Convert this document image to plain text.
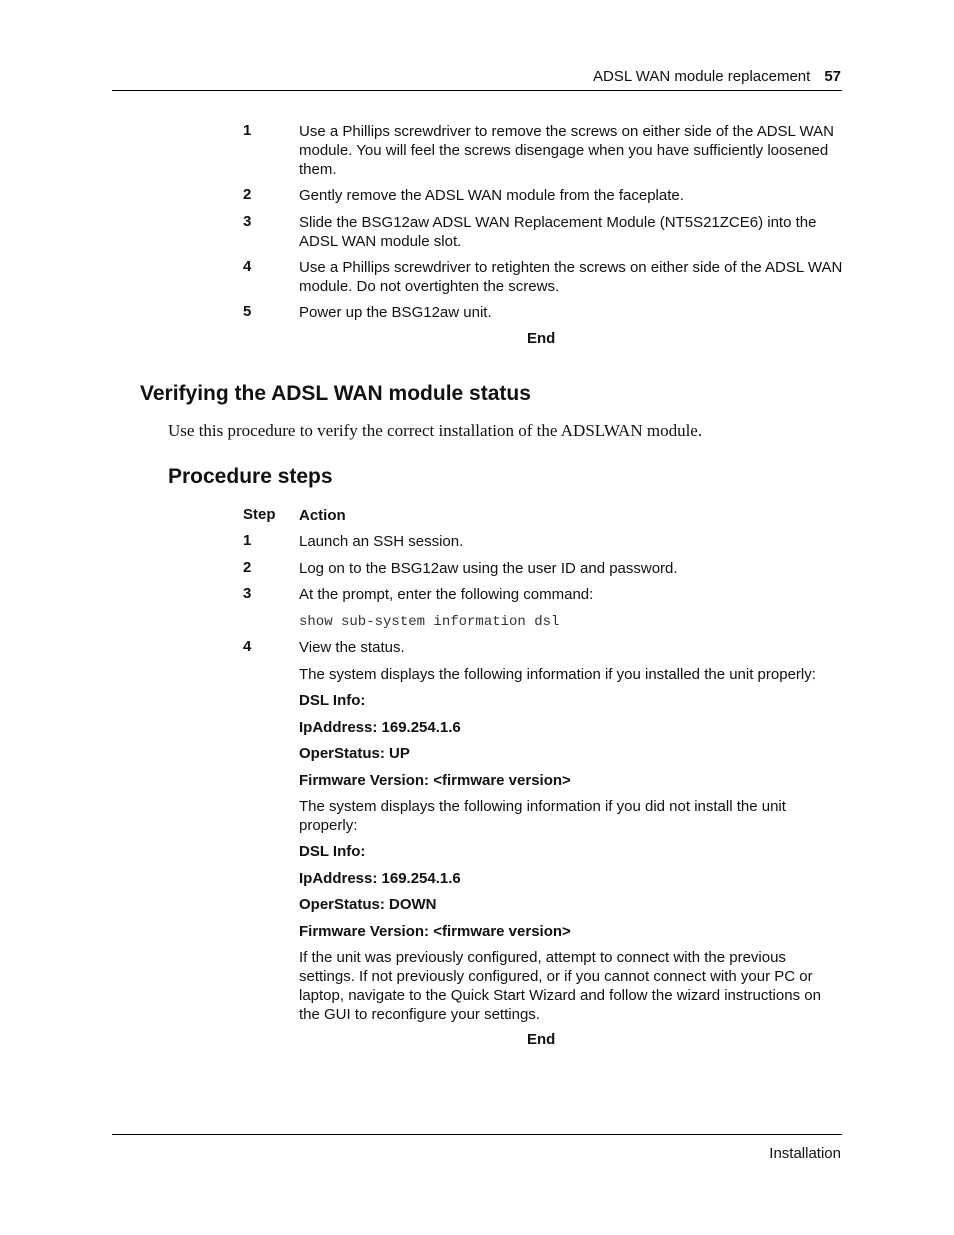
ADSL WAN module replacement 57
1	Use a Phillips screwdriver to remove the screws on either side of the ADSL WAN module. You will feel the screws disengage when you have sufficiently loosened them.
2	Gently remove the ADSL WAN module from the faceplate.
3	Slide the BSG12aw ADSL WAN Replacement Module (NT5S21ZCE6) into the ADSL WAN module slot.
4	Use a Phillips screwdriver to retighten the screws on either side of the ADSL WAN module. Do not overtighten the screws.
5	Power up the BSG12aw unit.
End
Verifying the ADSL WAN module status
Use this procedure to verify the correct installation of the ADSLWAN module.
Procedure steps
Step Action
1	Launch an SSH session.
2	Log on to the BSG12aw using the user ID and password.
3	At the prompt, enter the following command:
show sub-system information dsl
4	View the status.
The system displays the following information if you installed the unit properly:
DSL Info:
IpAddress: 169.254.1.6
OperStatus: UP
Firmware Version: <firmware version>
The system displays the following information if you did not install the unit properly:
DSL Info:
IpAddress: 169.254.1.6
OperStatus: DOWN
Firmware Version: <firmware version>
If the unit was previously configured, attempt to connect with the previous settings. If not previously configured, or if you cannot connect with your PC or laptop, navigate to the Quick Start Wizard and follow the wizard instructions on the GUI to reconfigure your settings.
End
Installation
